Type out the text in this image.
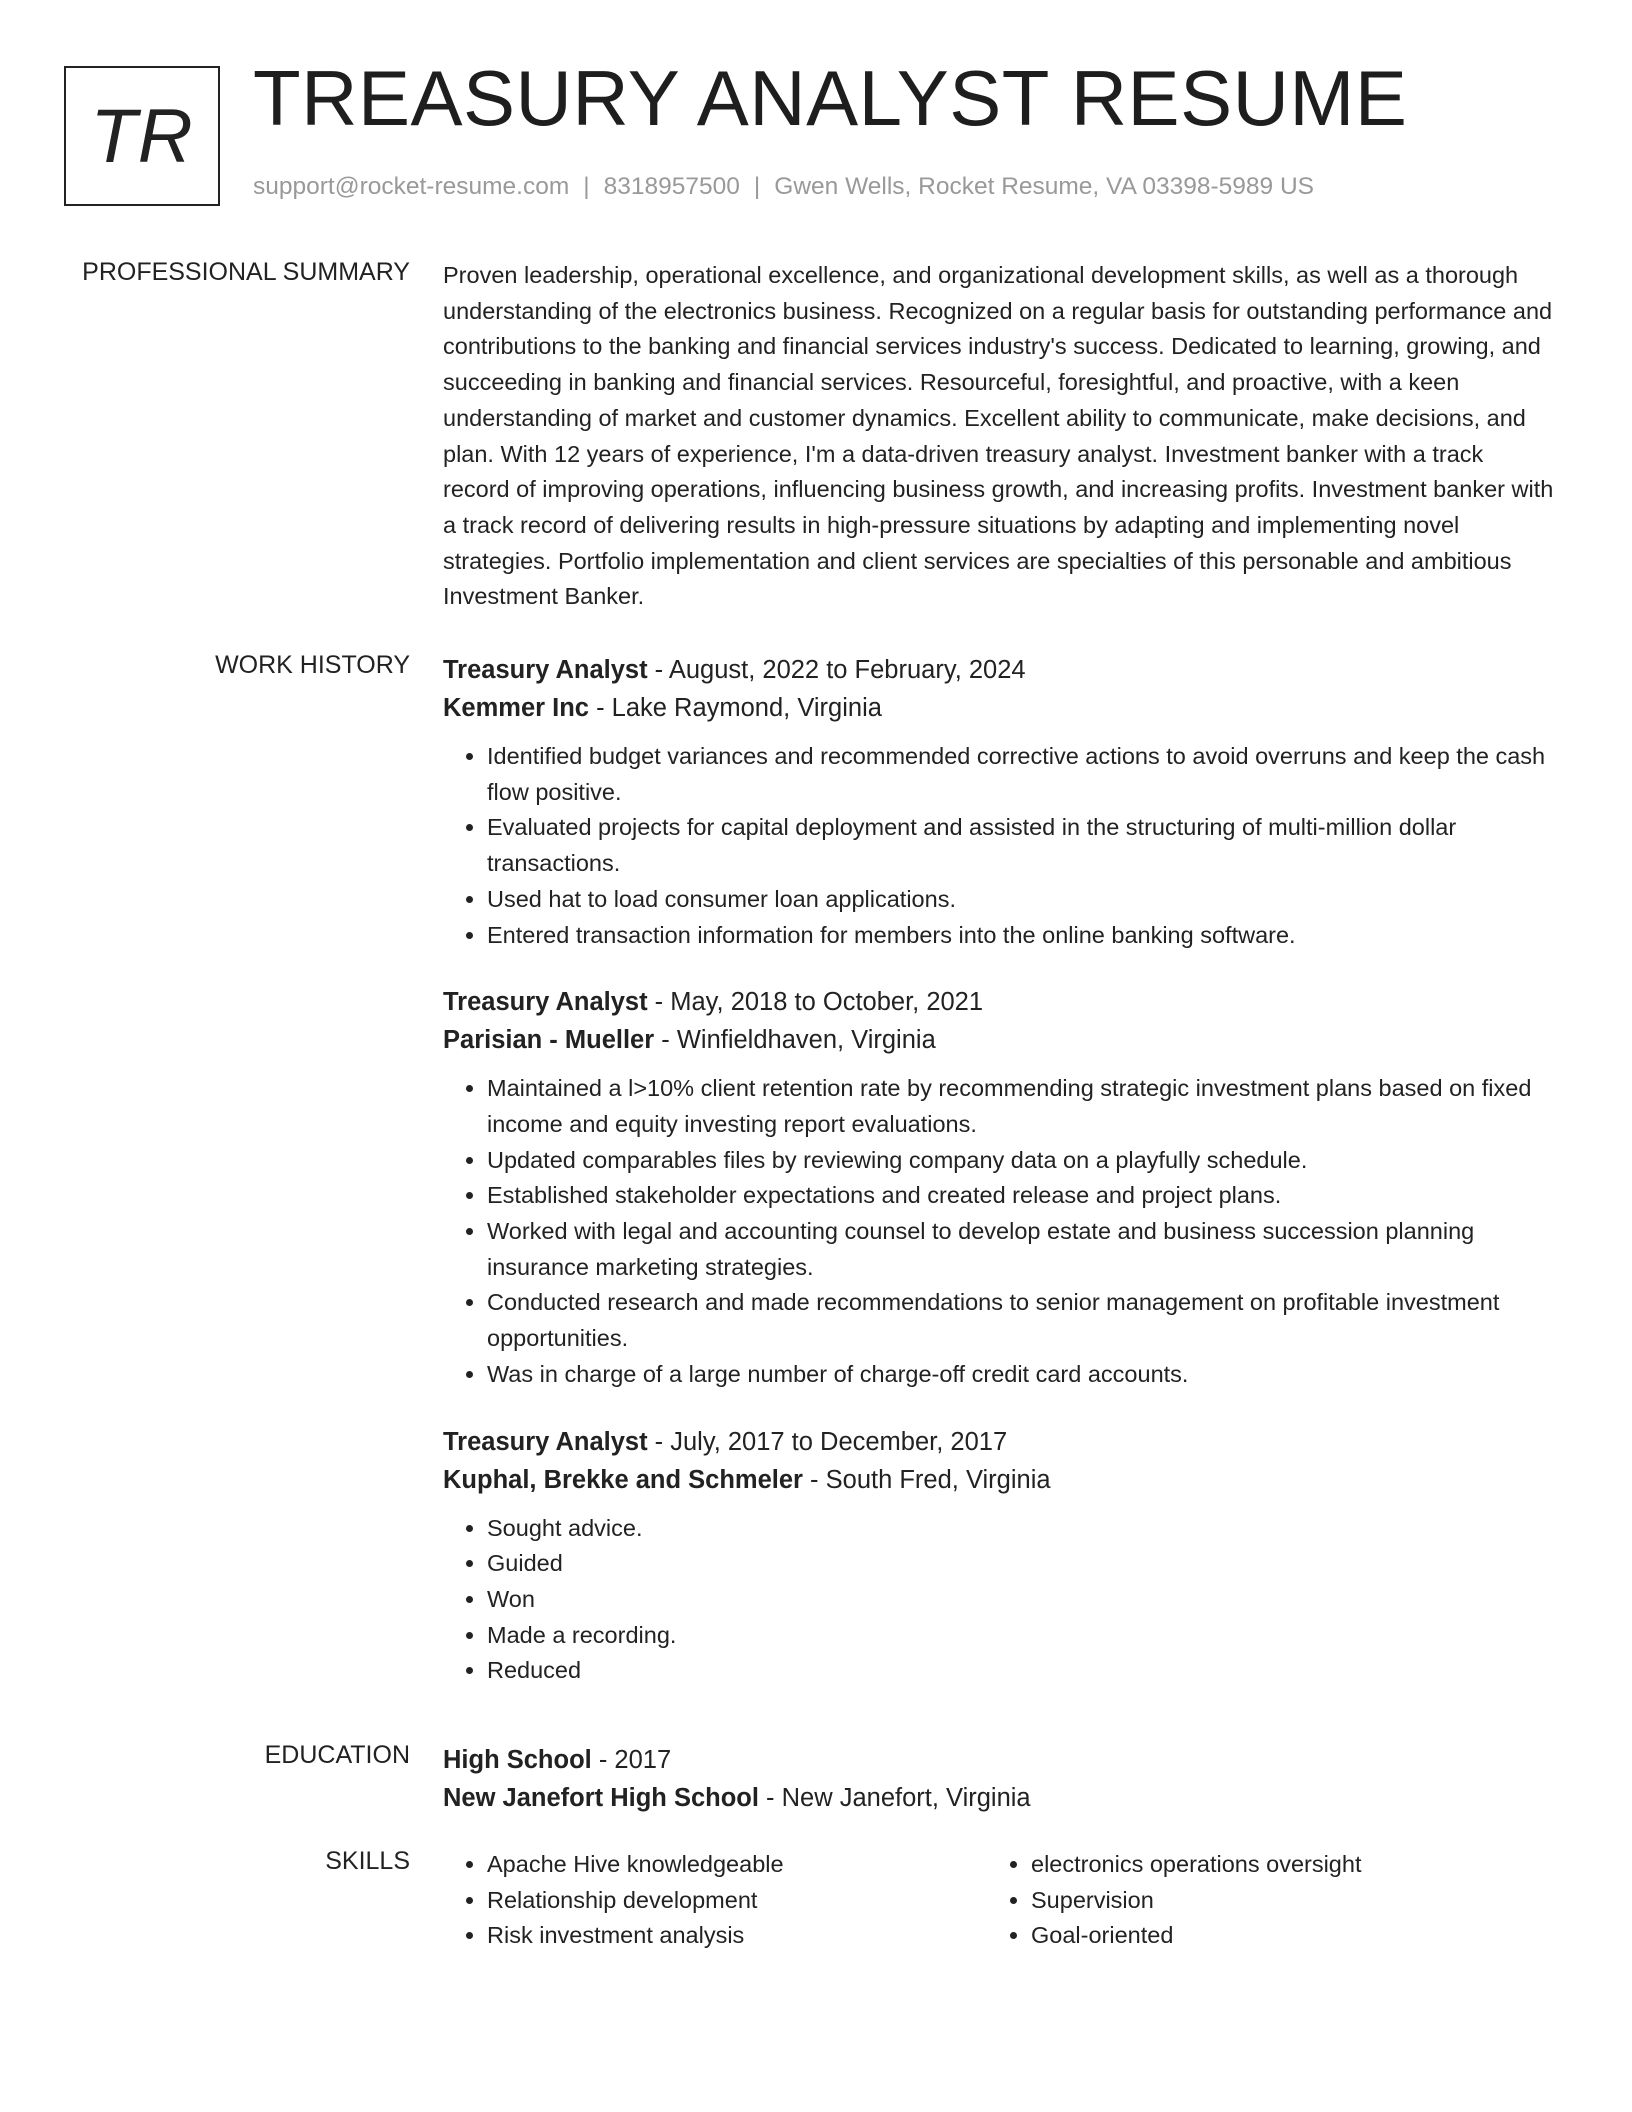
TR TREASURY ANALYST RESUME
support@rocket-resume.com | 8318957500 | Gwen Wells, Rocket Resume, VA 03398-5989 US
PROFESSIONAL SUMMARY Proven leadership, operational excellence, and organizational development skills, as well as a thorough understanding of the electronics business. Recognized on a regular basis for outstanding performance and contributions to the banking and financial services industry's success. Dedicated to learning, growing, and succeeding in banking and financial services. Resourceful, foresightful, and proactive, with a keen understanding of market and customer dynamics. Excellent ability to communicate, make decisions, and plan. With 12 years of experience, I'm a data-driven treasury analyst. Investment banker with a track record of improving operations, influencing business growth, and increasing profits. Investment banker with a track record of delivering results in high-pressure situations by adapting and implementing novel strategies. Portfolio implementation and client services are specialties of this personable and ambitious Investment Banker.

WORK HISTORY Treasury Analyst - August, 2022 to February, 2024
Kemmer Inc - Lake Raymond, Virginia
• Identified budget variances and recommended corrective actions to avoid overruns and keep the cash flow positive.
• Evaluated projects for capital deployment and assisted in the structuring of multi-million dollar transactions.
• Used hat to load consumer loan applications.
• Entered transaction information for members into the online banking software.
Treasury Analyst - May, 2018 to October, 2021
Parisian - Mueller - Winfieldhaven, Virginia
• Maintained a l>10% client retention rate by recommending strategic investment plans based on fixed income and equity investing report evaluations.
• Updated comparables files by reviewing company data on a playfully schedule.
• Established stakeholder expectations and created release and project plans.
• Worked with legal and accounting counsel to develop estate and business succession planning insurance marketing strategies.
• Conducted research and made recommendations to senior management on profitable investment opportunities.
• Was in charge of a large number of charge-off credit card accounts.
Treasury Analyst - July, 2017 to December, 2017
Kuphal, Brekke and Schmeler - South Fred, Virginia
• Sought advice.
• Guided
• Won
• Made a recording.
• Reduced
EDUCATION High School - 2017
New Janefort High School - New Janefort, Virginia
SKILLS
•	Apache Hive knowledgeable
• Relationship development
• Risk investment analysis
• electronics operations oversight
• Supervision
• Goal-oriented
